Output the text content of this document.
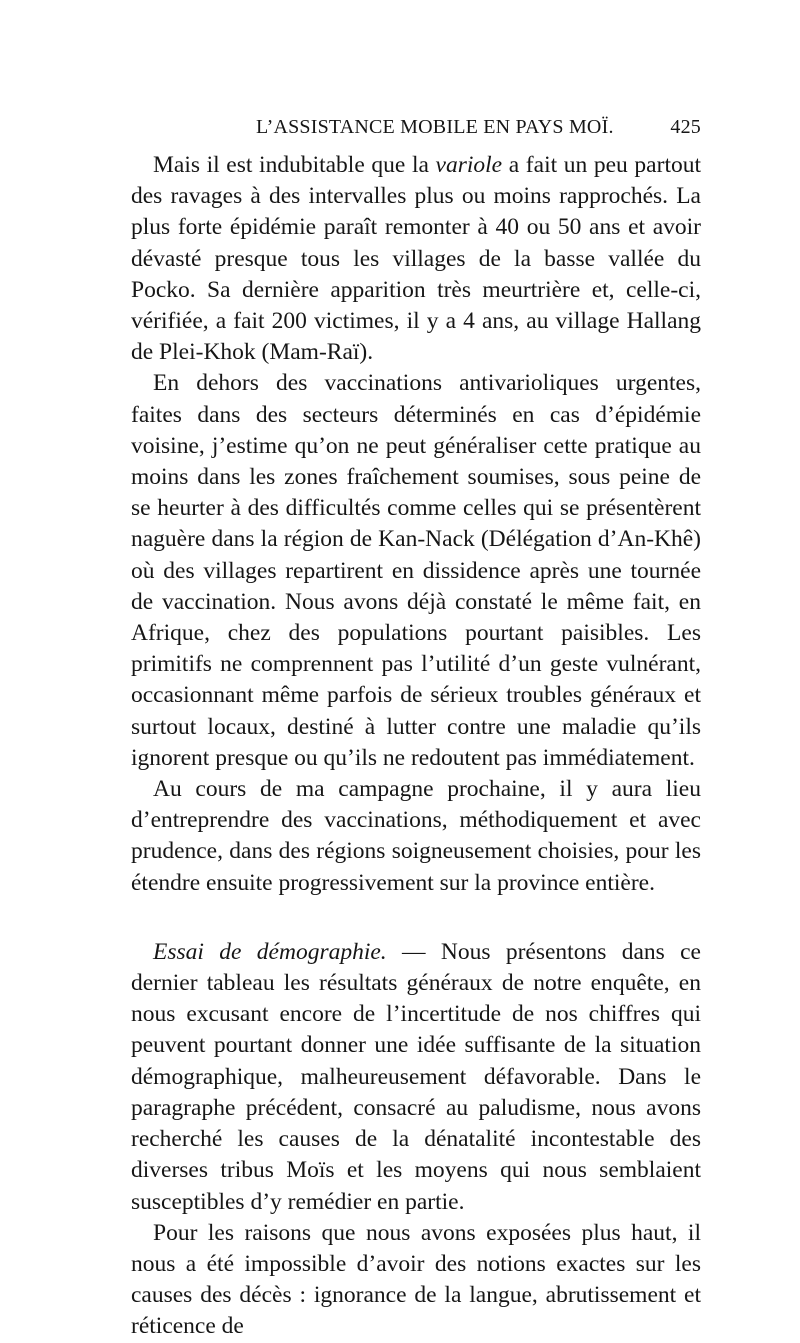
L’ASSISTANCE MOBILE EN PAYS MOÏ.	425

Mais il est indubitable que la variole a fait un peu partout des ravages à des intervalles plus ou moins rapprochés. La plus forte épidémie paraît remonter à 40 ou 50 ans et avoir dévasté presque tous les villages de la basse vallée du Pocko. Sa dernière apparition très meurtrière et, celle-ci, vérifiée, a fait 200 victimes, il y a 4 ans, au village Hallang de Plei-Khok (Mam-Raï).

En dehors des vaccinations antivarioliques urgentes, faites dans des secteurs déterminés en cas d’épidémie voisine, j’estime qu’on ne peut généraliser cette pratique au moins dans les zones fraîchement soumises, sous peine de se heurter à des difficultés comme celles qui se présentèrent naguère dans la région de Kan-Nack (Délégation d’An-Khê) où des villages repartirent en dissidence après une tournée de vaccination. Nous avons déjà constaté le même fait, en Afrique, chez des populations pourtant paisibles. Les primitifs ne comprennent pas l’utilité d’un geste vulnérant, occasionnant même parfois de sérieux troubles généraux et surtout locaux, destiné à lutter contre une maladie qu’ils ignorent presque ou qu’ils ne redoutent pas immédiatement.

Au cours de ma campagne prochaine, il y aura lieu d’entreprendre des vaccinations, méthodiquement et avec prudence, dans des régions soigneusement choisies, pour les étendre ensuite progressivement sur la province entière.

Essai de démographie. — Nous présentons dans ce dernier tableau les résultats généraux de notre enquête, en nous excusant encore de l’incertitude de nos chiffres qui peuvent pourtant donner une idée suffisante de la situation démographique, malheureusement défavorable. Dans le paragraphe précédent, consacré au paludisme, nous avons recherché les causes de la dénatalité incontestable des diverses tribus Moïs et les moyens qui nous semblaient susceptibles d’y remédier en partie.

Pour les raisons que nous avons exposées plus haut, il nous a été impossible d’avoir des notions exactes sur les causes des décès : ignorance de la langue, abrutissement et réticence de
